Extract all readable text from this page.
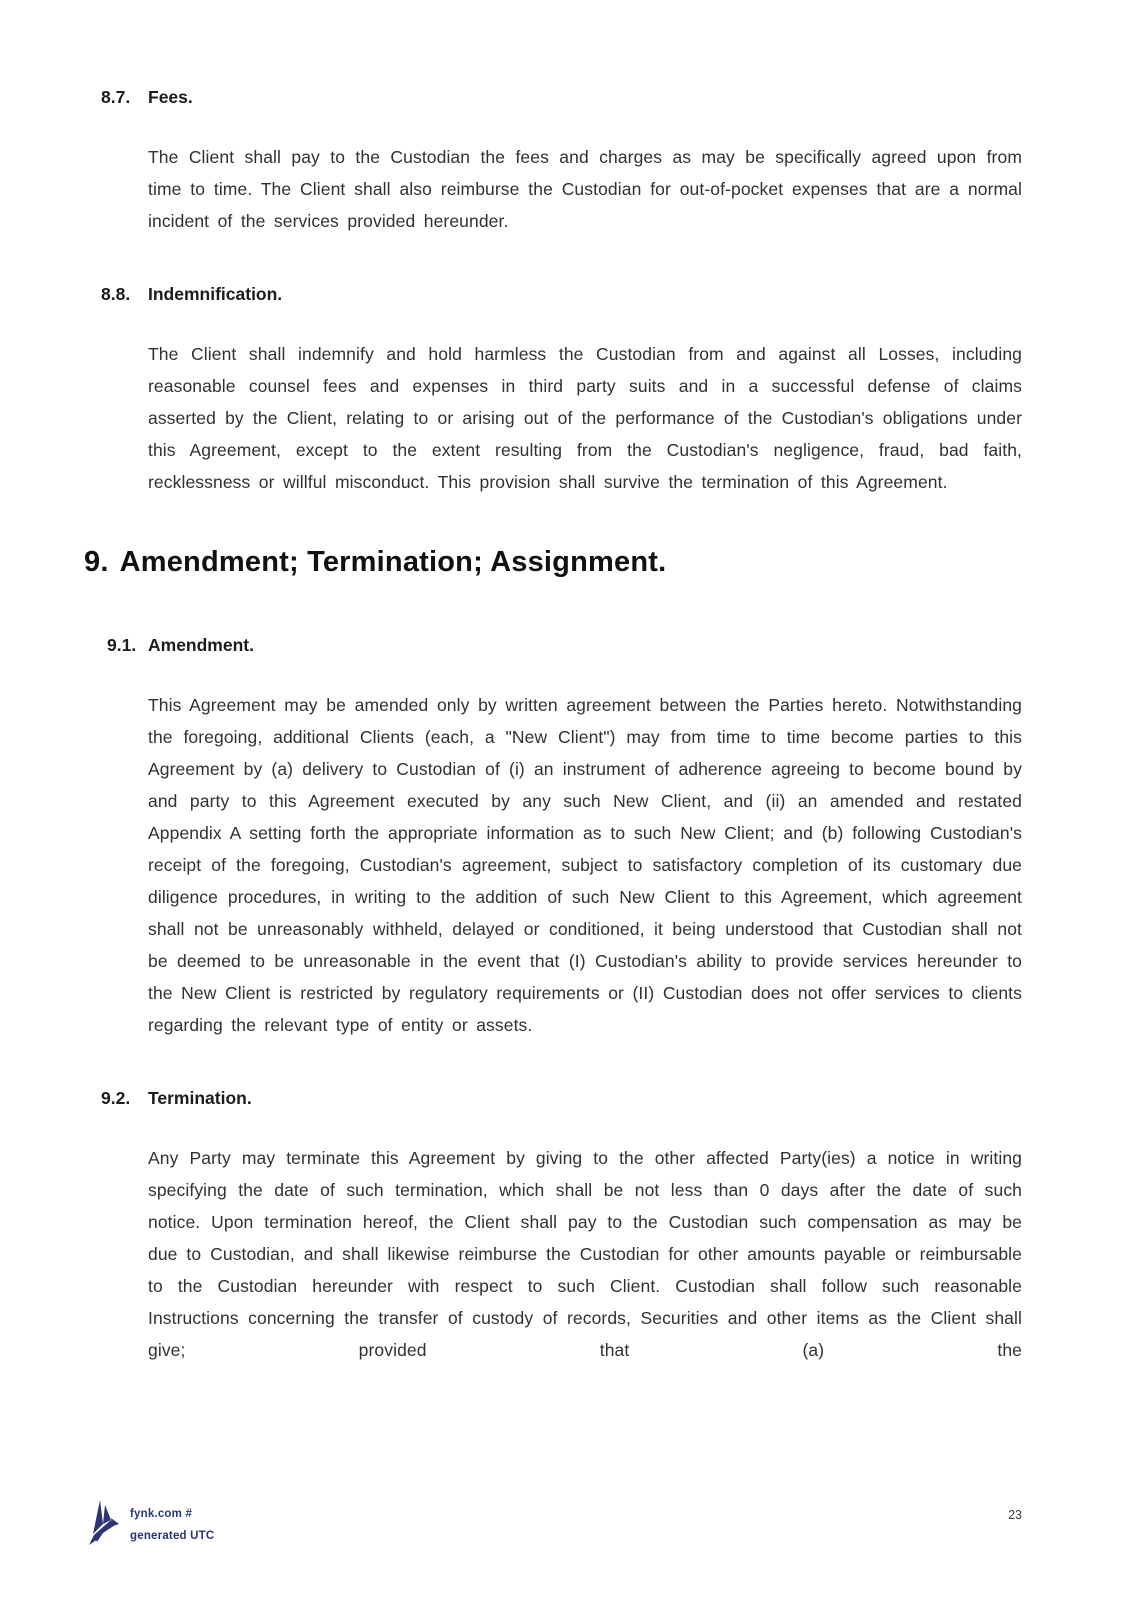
8.7.	Fees.

The Client shall pay to the Custodian the fees and charges as may be specifically agreed upon from time to time. The Client shall also reimburse the Custodian for out-of-pocket expenses that are a normal incident of the services provided hereunder.

8.8.	Indemnification.

The Client shall indemnify and hold harmless the Custodian from and against all Losses, including reasonable counsel fees and expenses in third party suits and in a successful defense of claims asserted by the Client, relating to or arising out of the performance of the Custodian's obligations under this Agreement, except to the extent resulting from the Custodian's negligence, fraud, bad faith, recklessness or willful misconduct. This provision shall survive the termination of this Agreement.

9. Amendment; Termination; Assignment.
9.1. Amendment.

This Agreement may be amended only by written agreement between the Parties hereto. Notwithstanding the foregoing, additional Clients (each, a "New Client") may from time to time become parties to this Agreement by (a) delivery to Custodian of (i) an instrument of adherence agreeing to become bound by and party to this Agreement executed by any such New Client, and (ii) an amended and restated Appendix A setting forth the appropriate information as to such New Client; and (b) following Custodian's receipt of the foregoing, Custodian's agreement, subject to satisfactory completion of its customary due diligence procedures, in writing to the addition of such New Client to this Agreement, which agreement shall not be unreasonably withheld, delayed or conditioned, it being understood that Custodian shall not be deemed to be unreasonable in the event that (I) Custodian's ability to provide services hereunder to the New Client is restricted by regulatory requirements or (II) Custodian does not offer services to clients regarding the relevant type of entity or assets.

9.2.	Termination.

Any Party may terminate this Agreement by giving to the other affected Party(ies) a notice in writing specifying the date of such termination, which shall be not less than 0 days after the date of such notice. Upon termination hereof, the Client shall pay to the Custodian such compensation as may be due to Custodian, and shall likewise reimburse the Custodian for other amounts payable or reimbursable to the Custodian hereunder with respect to such Client. Custodian shall follow such reasonable Instructions concerning the transfer of custody of records, Securities and other items as the Client shall give; provided that (a) the

fynk.com #
generated UTC
23
